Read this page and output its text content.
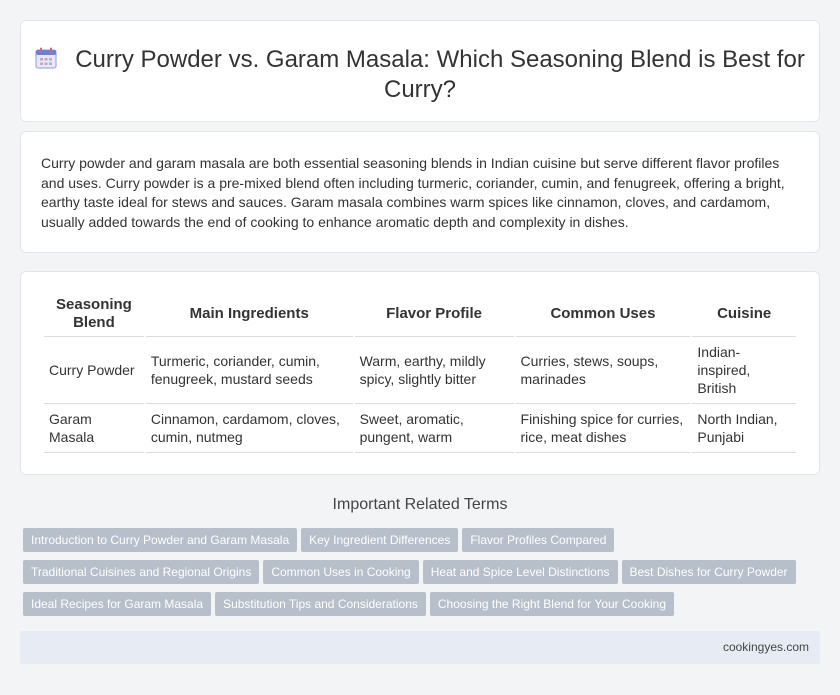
Curry Powder vs. Garam Masala: Which Seasoning Blend is Best for Curry?
Curry powder and garam masala are both essential seasoning blends in Indian cuisine but serve different flavor profiles and uses. Curry powder is a pre-mixed blend often including turmeric, coriander, cumin, and fenugreek, offering a bright, earthy taste ideal for stews and sauces. Garam masala combines warm spices like cinnamon, cloves, and cardamom, usually added towards the end of cooking to enhance aromatic depth and complexity in dishes.
Seasoning Blend	Main Ingredients	Flavor Profile	Common Uses	Cuisine
Curry Powder	Turmeric, coriander, cumin, fenugreek, mustard seeds	Warm, earthy, mildly spicy, slightly bitter	Curries, stews, soups, marinades	Indian-inspired, British
Garam Masala	Cinnamon, cardamom, cloves, cumin, nutmeg	Sweet, aromatic, pungent, warm	Finishing spice for curries, rice, meat dishes	North Indian, Punjabi
Important Related Terms
Introduction to Curry Powder and Garam Masala Key Ingredient Differences Flavor Profiles Compared
Traditional Cuisines and Regional Origins Common Uses in Cooking Heat and Spice Level Distinctions Best Dishes for Curry Powder
Ideal Recipes for Garam Masala Substitution Tips and Considerations Choosing the Right Blend for Your Cooking
cookingyes.com
